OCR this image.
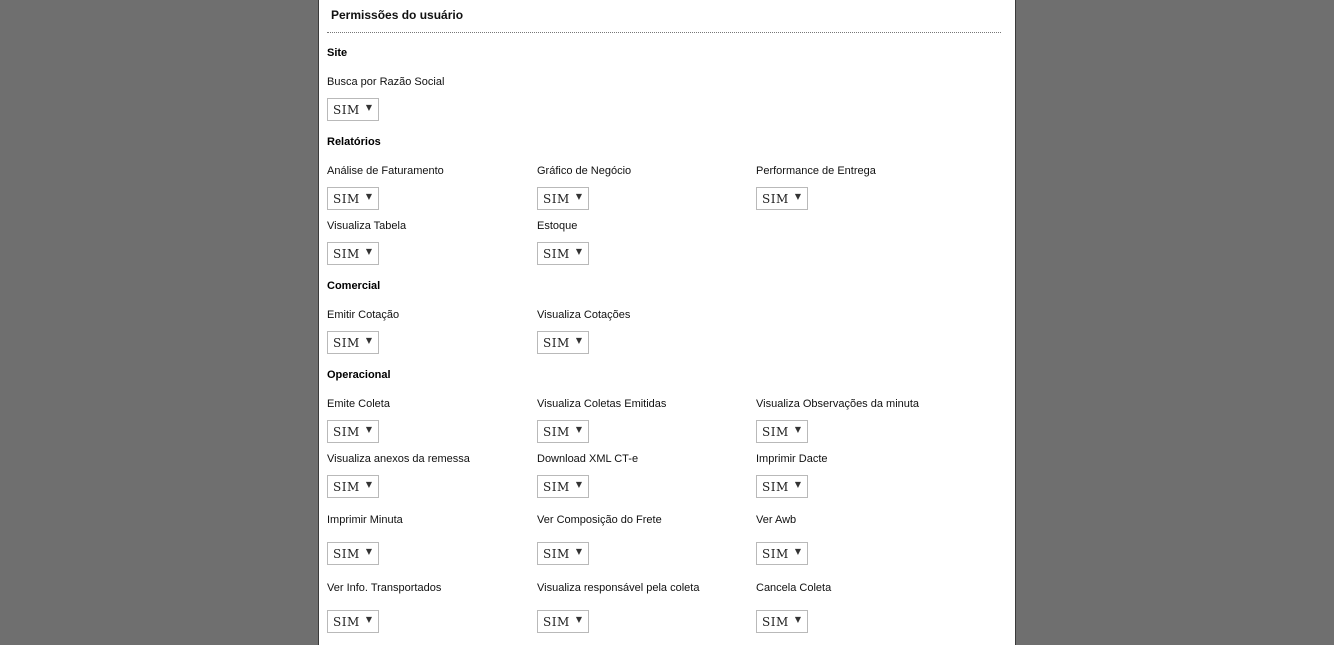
Permissões do usuário
Site
Busca por Razão Social
SIM ▼
Relatórios
Análise de Faturamento
SIM ▼
Gráfico de Negócio
SIM ▼
Performance de Entrega
SIM ▼
Visualiza Tabela
SIM ▼
Estoque
SIM ▼
Comercial
Emitir Cotação
SIM ▼
Visualiza Cotações
SIM ▼
Operacional
Emite Coleta
SIM ▼
Visualiza Coletas Emitidas
SIM ▼
Visualiza Observações da minuta
SIM ▼
Visualiza anexos da remessa
SIM ▼
Download XML CT-e
SIM ▼
Imprimir Dacte
SIM ▼
Imprimir Minuta
SIM ▼
Ver Composição do Frete
SIM ▼
Ver Awb
SIM ▼
Ver Info. Transportados
SIM ▼
Visualiza responsável pela coleta
SIM ▼
Cancela Coleta
SIM ▼
